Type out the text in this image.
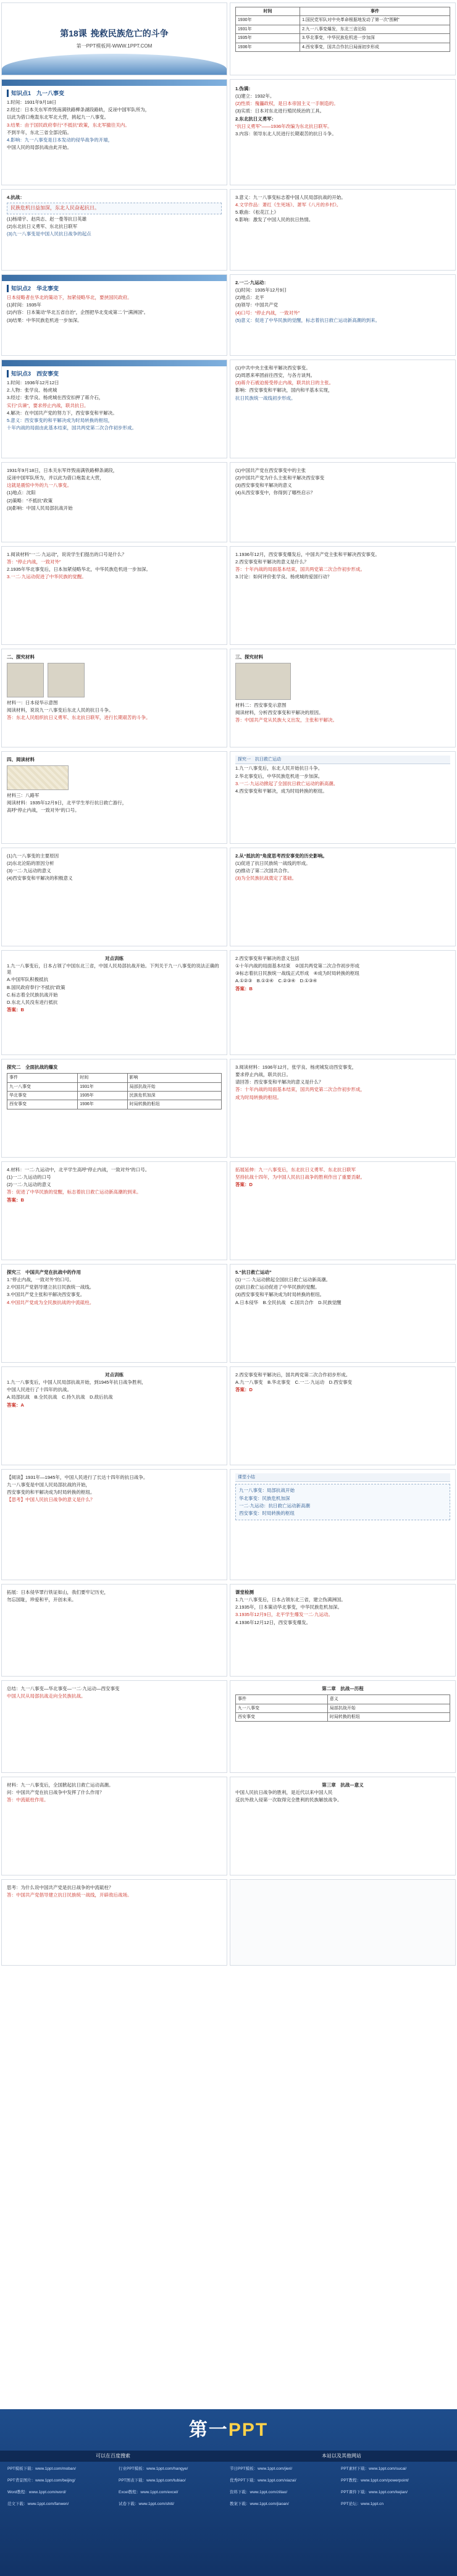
第18课 挽救民族危亡的斗争
第一PPT模板网-WWW.1PPT.COM
时间	事件
1930年	1.国民党军队对中央革命根据地发动了第一次“围剿”
1931年	2.九一八事变爆发，东北三省沦陷
1935年	3.华北事变，中华民族危机进一步加深
1936年	4.西安事变，国共合作抗日局面初步形成
知识点1　九一八事变

1.时间：1931年9月18日

2.经过：日本关东军炸毁南满铁路柳条湖段路轨，反诬中国军队所为，

以此为借口炮轰东北军北大营，挑起九一八事变。

3.结果：由于国民政府奉行“不抵抗”政策，东北军撤往关内。

不到半年，东北三省全部沦陷。

4.影响：九一八事变是日本发动的侵华战争的开端，

中国人民的局部抗战由此开始。

1.伪满：

(1)建立：1932年。

(2)性质：傀儡政权，是日本帝国主义一手制造的。

(3)实质：日本对东北进行殖民统治的工具。

2.东北抗日义勇军：

“抗日义勇军”——1936年改编为东北抗日联军。

3.内容：领导东北人民进行长期艰苦的抗日斗争。

4.抗战：

民族危机日益加深，东北人民奋起抗日。

(1)杨靖宇、赵尚志、赵一曼等抗日英雄

(2)东北抗日义勇军、东北抗日联军

(3)九一八事变是中国人民抗日战争的起点

3.意义：九一八事变标志着中国人民局部抗战的开始。

4.文学作品：萧红《生死场》、萧军《八月的乡村》。

5.歌曲：《松花江上》

6.影响：激发了中国人民的抗日热情。

知识点2　华北事变

日本侵略者在华北的策动下，加紧侵略华北，要挟国民政府。

(1)时间：1935年

(2)内容：日本策动“华北五省自治”，企图把华北变成第二个“满洲国”。

(3)结果：中华民族危机进一步加深。

2.一二·九运动：

(1)时间：1935年12月9日

(2)地点：北平

(3)领导：中国共产党

(4)口号：“停止内战，一致对外”

(5)意义：促进了中华民族的觉醒，标志着抗日救亡运动新高潮的到来。

知识点3　西安事变

1.时间：1936年12月12日

2.人物：张学良、杨虎城

3.经过：张学良、杨虎城在西安扣押了蒋介石，

实行“兵谏”，要求停止内战，联共抗日。

4.解决：在中国共产党的努力下，西安事变和平解决。

5.意义：西安事变的和平解决成为时局转换的枢纽，

十年内战的局面由此基本结束，国共两党第二次合作初步形成。

(1)中共中央主张和平解决西安事变。

(2)周恩来率团前往西安，与各方谈判。

(3)蒋介石被迫接受停止内战，联共抗日的主张。

影响：西安事变和平解决，国内和平基本实现，

抗日民族统一战线初步形成。

1931年9月18日，日本关东军炸毁南满铁路柳条湖段，

反诬中国军队所为，并以此为借口炮轰北大营，

这就是震惊中外的九一八事变。

(1)地点：沈阳

(2)策略：“不抵抗”政策

(3)影响：中国人民局部抗战开始

(1)中国共产党在西安事变中的主张

(2)中国共产党为什么主张和平解决西安事变

(3)西安事变和平解决的意义

(4)从西安事变中，你得到了哪些启示？

1.阅读材料“一二·九运动”，说说学生们提出的口号是什么？

答：“停止内战，一致对外”

2.1935年华北事变后，日本加紧侵略华北，中华民族危机进一步加深。

3.一二·九运动促进了中华民族的觉醒。

1.1936年12月，西安事变爆发后，中国共产党主张和平解决西安事变。

2.西安事变和平解决的意义是什么？

答：十年内战的局面基本结束，国共两党第二次合作初步形成。

3.讨论：如何评价张学良、杨虎城的爱国行动？

二、探究材料

材料一：日本侵华示意图

阅读材料，说说九一八事变后东北人民的抗日斗争。

答：东北人民组织抗日义勇军、东北抗日联军，进行长期艰苦的斗争。

三、探究材料

材料二：西安事变示意图

阅读材料，分析西安事变和平解决的原因。

答：中国共产党从民族大义出发，主张和平解决。

四、阅读材料

材料三：八路军

阅读材料：1935年12月9日，北平学生举行抗日救亡游行，

高呼“停止内战，一致对外”的口号。

探究一　抗日救亡运动

1.九一八事变后，东北人民开始抗日斗争。

2.华北事变后，中华民族危机进一步加深。

3.一二·九运动掀起了全国抗日救亡运动的新高潮。

4.西安事变和平解决，成为时局转换的枢纽。

(1)九一八事变的主要原因

(2)东北沦陷的原因分析

(3)一二·九运动的意义

(4)西安事变和平解决的积极意义

2.从“抵抗的”角度思考西安事变的历史影响。

(1)促进了抗日民族统一战线的形成。

(2)推动了第二次国共合作。

(3)为全民族抗战奠定了基础。

对点训练

1.九一八事变后，日本占领了中国东北三省，中国人民局部抗战开始。下列关于九一八事变的说法正确的是

A.中国军队积极抵抗

B.国民政府奉行“不抵抗”政策

C.标志着全民族抗战开始

D.东北人民没有进行抵抗

答案：B

2.西安事变和平解决的意义包括

①十年内战的局面基本结束　②国共两党第二次合作初步形成

③标志着抗日民族统一战线正式形成　④成为时局转换的枢纽

A.①②③　B.①②④　C.②③④　D.①③④

答案：B

探究二　全面抗战的爆发

事件	时间	影响
九一八事变	1931年	局部抗战开始
华北事变	1935年	民族危机加深
西安事变	1936年	时局转换的枢纽

3.阅读材料：1936年12月，张学良、杨虎城发动西安事变，

要求停止内战，联共抗日。

请回答：西安事变和平解决的意义是什么？

答：十年内战的局面基本结束，国共两党第二次合作初步形成，

成为时局转换的枢纽。

4.材料：一二·九运动中，北平学生高呼“停止内战，一致对外”的口号。

(1)一二·九运动的口号

(2)一二·九运动的意义

答：促进了中华民族的觉醒，标志着抗日救亡运动新高潮的到来。

答案：B

拓展延伸：九一八事变后，东北抗日义勇军、东北抗日联军

坚持抗战十四年，为中国人民抗日战争的胜利作出了重要贡献。

答案：D

探究三　中国共产党在抗战中的作用

1.“停止内战，一致对外”的口号。

2.中国共产党倡导建立抗日民族统一战线。

3.中国共产党主张和平解决西安事变。

4.中国共产党成为全民族抗战的中流砥柱。

5.“抗日救亡运动”

(1)一二·九运动掀起全国抗日救亡运动新高潮。

(2)抗日救亡运动促进了中华民族的觉醒。

(3)西安事变和平解决成为时局转换的枢纽。

A.日本侵华　B.全民抗战　C.国共合作　D.民族觉醒

对点训练

1.九一八事变后，中国人民局部抗战开始，到1945年抗日战争胜利，

中国人民进行了十四年的抗战。

A.局部抗战　B.全民抗战　C.持久抗战　D.敌后抗战

答案：A

2.西安事变和平解决后，国共两党第二次合作初步形成。

A.九一八事变　B.华北事变　C.一二·九运动　D.西安事变

答案：D

【阅读】1931年—1945年，中国人民进行了长达十四年的抗日战争。

九一八事变是中国人民局部抗战的开始，

西安事变的和平解决成为时局转换的枢纽。

【思考】中国人民抗日战争的意义是什么？

课堂小结

九一八事变：局部抗战开始

华北事变：民族危机加深

一二·九运动：抗日救亡运动新高潮

西安事变：时局转换的枢纽

拓展：日本侵华罪行铁证如山，我们要牢记历史，

勿忘国耻，珍爱和平，开创未来。

课堂检测

1.九一八事变后，日本占领东北三省，建立伪满洲国。

2.1935年，日本策动华北事变，中华民族危机加深。

3.1935年12月9日，北平学生爆发一二·九运动。

4.1936年12月12日，西安事变爆发。

总结：九一八事变—华北事变—一二·九运动—西安事变

中国人民从局部抗战走向全民族抗战。

第二章　抗战—历程

事件	意义
九一八事变	局部抗战开始
西安事变	时局转换的枢纽

材料：九一八事变后，全国掀起抗日救亡运动高潮。

问：中国共产党在抗日战争中发挥了什么作用？

答：中流砥柱作用。

第三章　抗战—意义

中国人民抗日战争的胜利，是近代以来中国人民

反抗外敌入侵第一次取得完全胜利的民族解放战争。

思考：为什么说中国共产党是抗日战争的中流砥柱？

答：中国共产党倡导建立抗日民族统一战线，开辟敌后战场。

第一PPT
可以在百度搜索	本站以及其他网站
PPT模板下载：www.1ppt.com/moban/	行业PPT模板：www.1ppt.com/hangye/	节日PPT模板：www.1ppt.com/jieri/	PPT素材下载：www.1ppt.com/sucai/
PPT背景图片：www.1ppt.com/beijing/	PPT图表下载：www.1ppt.com/tubiao/	优秀PPT下载：www.1ppt.com/xiazai/	PPT教程：www.1ppt.com/powerpoint/
Word教程：www.1ppt.com/word/	Excel教程：www.1ppt.com/excel/	资料下载：www.1ppt.com/ziliao/	PPT课件下载：www.1ppt.com/kejian/
范文下载：www.1ppt.com/fanwen/	试卷下载：www.1ppt.com/shiti/	教案下载：www.1ppt.com/jiaoan/	PPT论坛：www.1ppt.cn
